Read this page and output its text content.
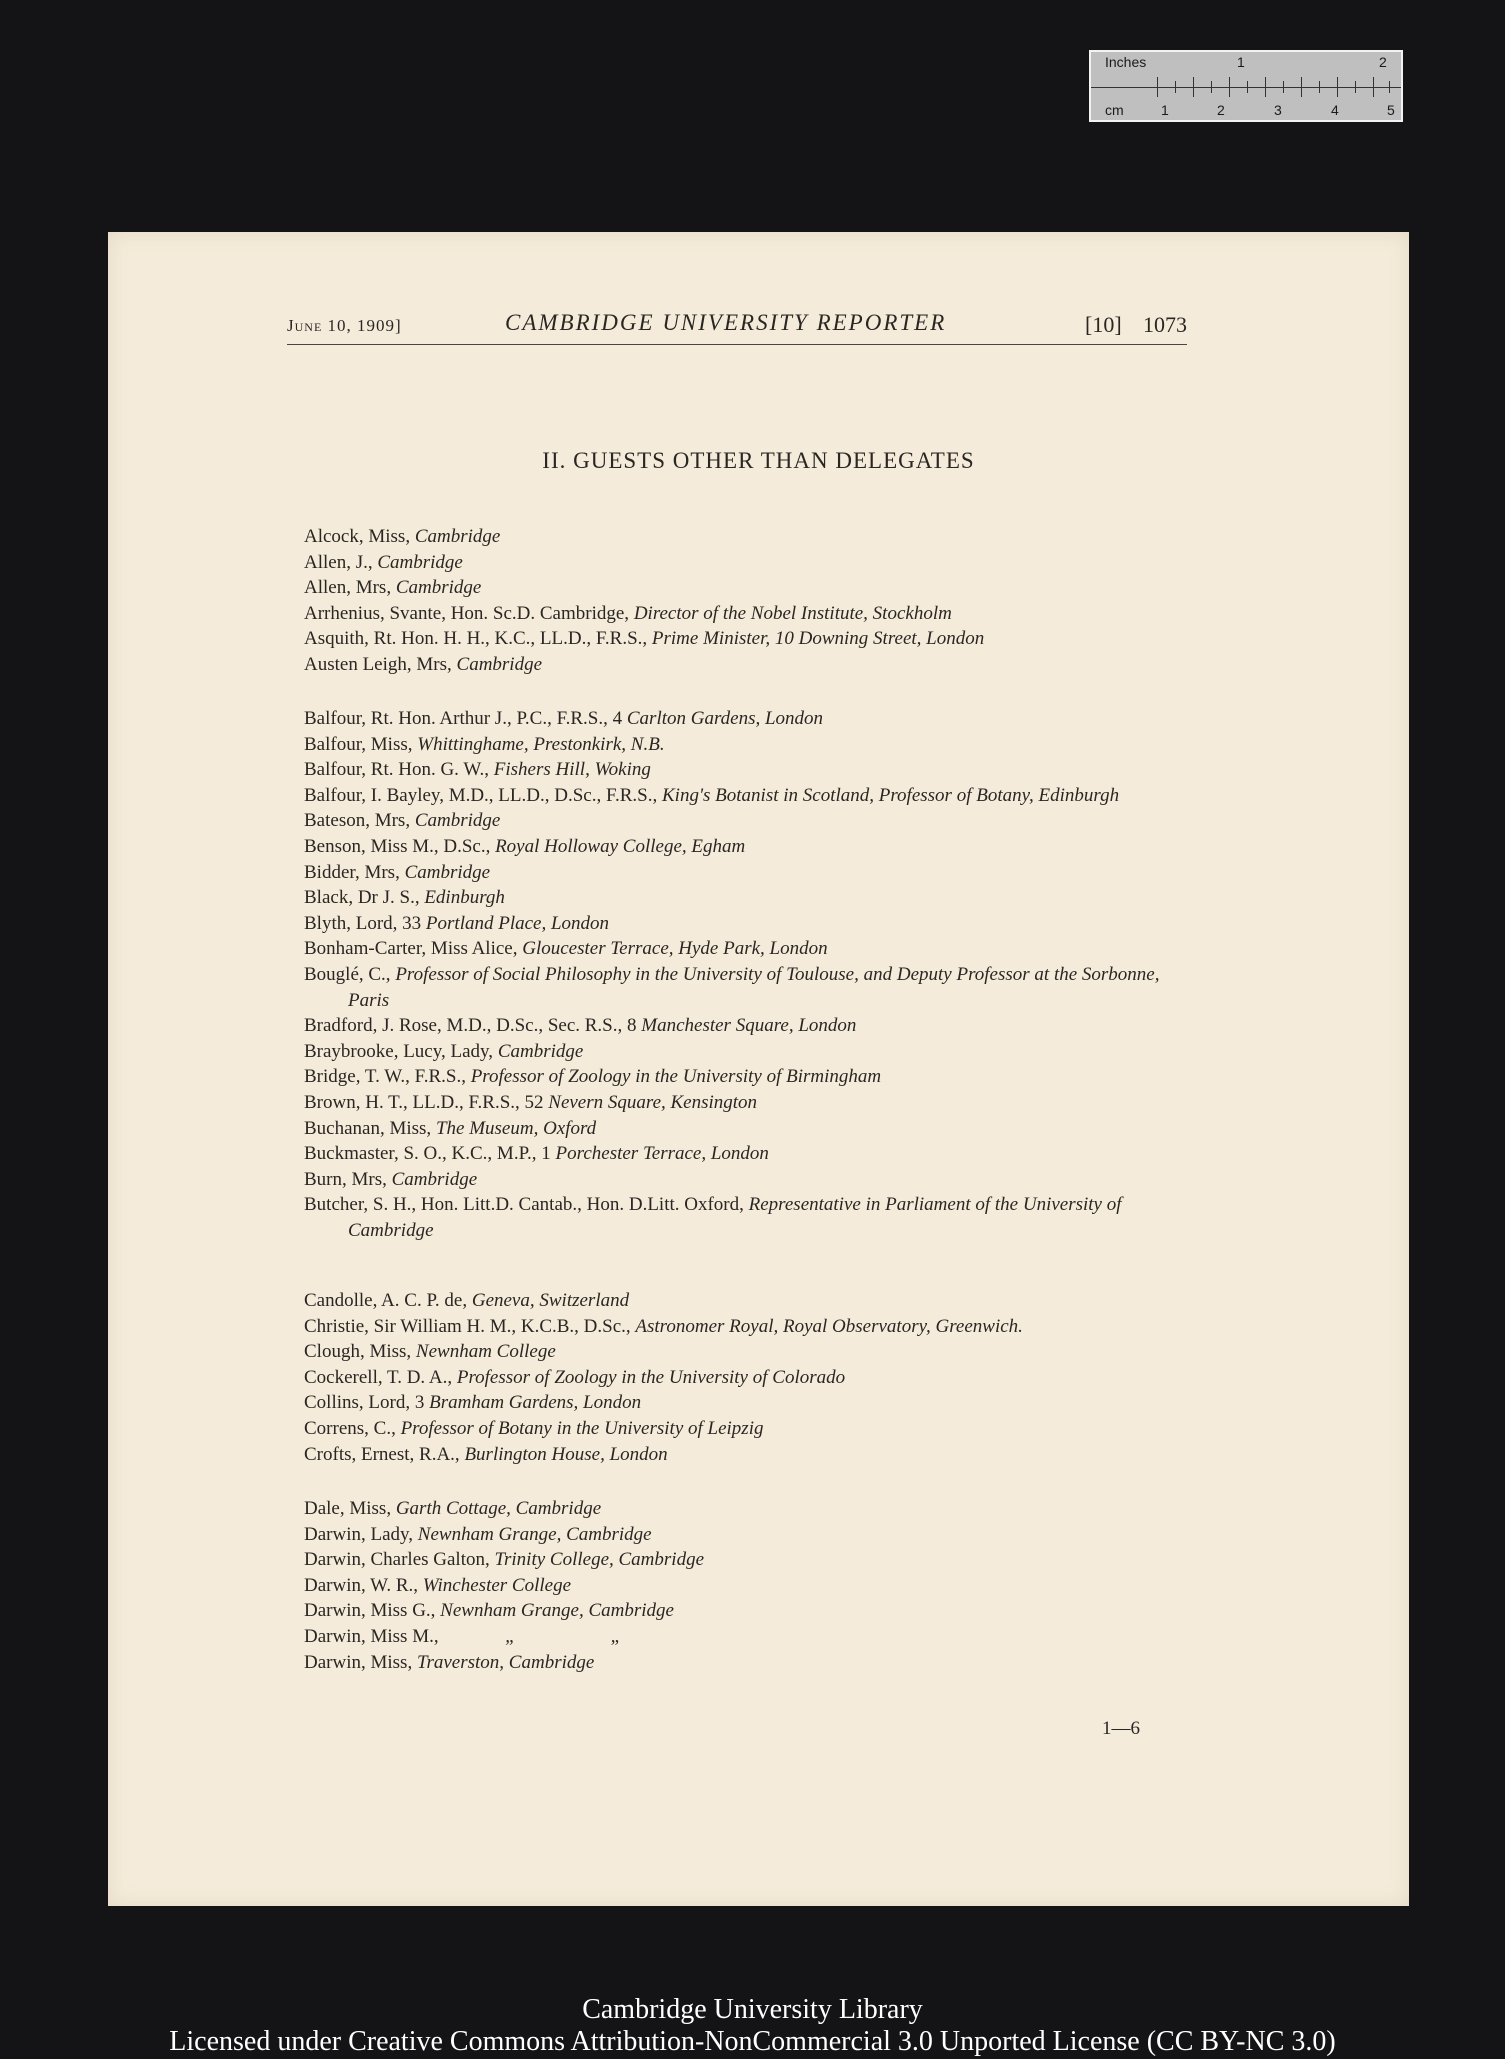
Inches	1	2
cm	1	2	3	4	5
June 10, 1909]	CAMBRIDGE UNIVERSITY REPORTER	[10] 1073
II. GUESTS OTHER THAN DELEGATES

Alcock, Miss, Cambridge

Allen, J., Cambridge

Allen, Mrs, Cambridge

Arrhenius, Svante, Hon. Sc.D. Cambridge, Director of the Nobel Institute, Stockholm

Asquith, Rt. Hon. H. H., K.C., LL.D., F.R.S., Prime Minister, 10 Downing Street, London

Austen Leigh, Mrs, Cambridge

Balfour, Rt. Hon. Arthur J., P.C., F.R.S., 4 Carlton Gardens, London

Balfour, Miss, Whittinghame, Prestonkirk, N.B.

Balfour, Rt. Hon. G. W., Fishers Hill, Woking

Balfour, I. Bayley, M.D., LL.D., D.Sc., F.R.S., King's Botanist in Scotland, Professor of Botany, Edinburgh

Bateson, Mrs, Cambridge

Benson, Miss M., D.Sc., Royal Holloway College, Egham

Bidder, Mrs, Cambridge

Black, Dr J. S., Edinburgh

Blyth, Lord, 33 Portland Place, London

Bonham-Carter, Miss Alice, Gloucester Terrace, Hyde Park, London

Bouglé, C., Professor of Social Philosophy in the University of Toulouse, and Deputy Professor at the Sorbonne, Paris

Bradford, J. Rose, M.D., D.Sc., Sec. R.S., 8 Manchester Square, London

Braybrooke, Lucy, Lady, Cambridge

Bridge, T. W., F.R.S., Professor of Zoology in the University of Birmingham

Brown, H. T., LL.D., F.R.S., 52 Nevern Square, Kensington

Buchanan, Miss, The Museum, Oxford

Buckmaster, S. O., K.C., M.P., 1 Porchester Terrace, London

Burn, Mrs, Cambridge

Butcher, S. H., Hon. Litt.D. Cantab., Hon. D.Litt. Oxford, Representative in Parliament of the University of Cambridge

Candolle, A. C. P. de, Geneva, Switzerland

Christie, Sir William H. M., K.C.B., D.Sc., Astronomer Royal, Royal Observatory, Greenwich.

Clough, Miss, Newnham College

Cockerell, T. D. A., Professor of Zoology in the University of Colorado

Collins, Lord, 3 Bramham Gardens, London

Correns, C., Professor of Botany in the University of Leipzig

Crofts, Ernest, R.A., Burlington House, London

Dale, Miss, Garth Cottage, Cambridge

Darwin, Lady, Newnham Grange, Cambridge

Darwin, Charles Galton, Trinity College, Cambridge

Darwin, W. R., Winchester College

Darwin, Miss G., Newnham Grange, Cambridge

Darwin, Miss M.,              „                    „

Darwin, Miss, Traverston, Cambridge

1—6
Cambridge University Library
Licensed under Creative Commons Attribution-NonCommercial 3.0 Unported License (CC BY-NC 3.0)
